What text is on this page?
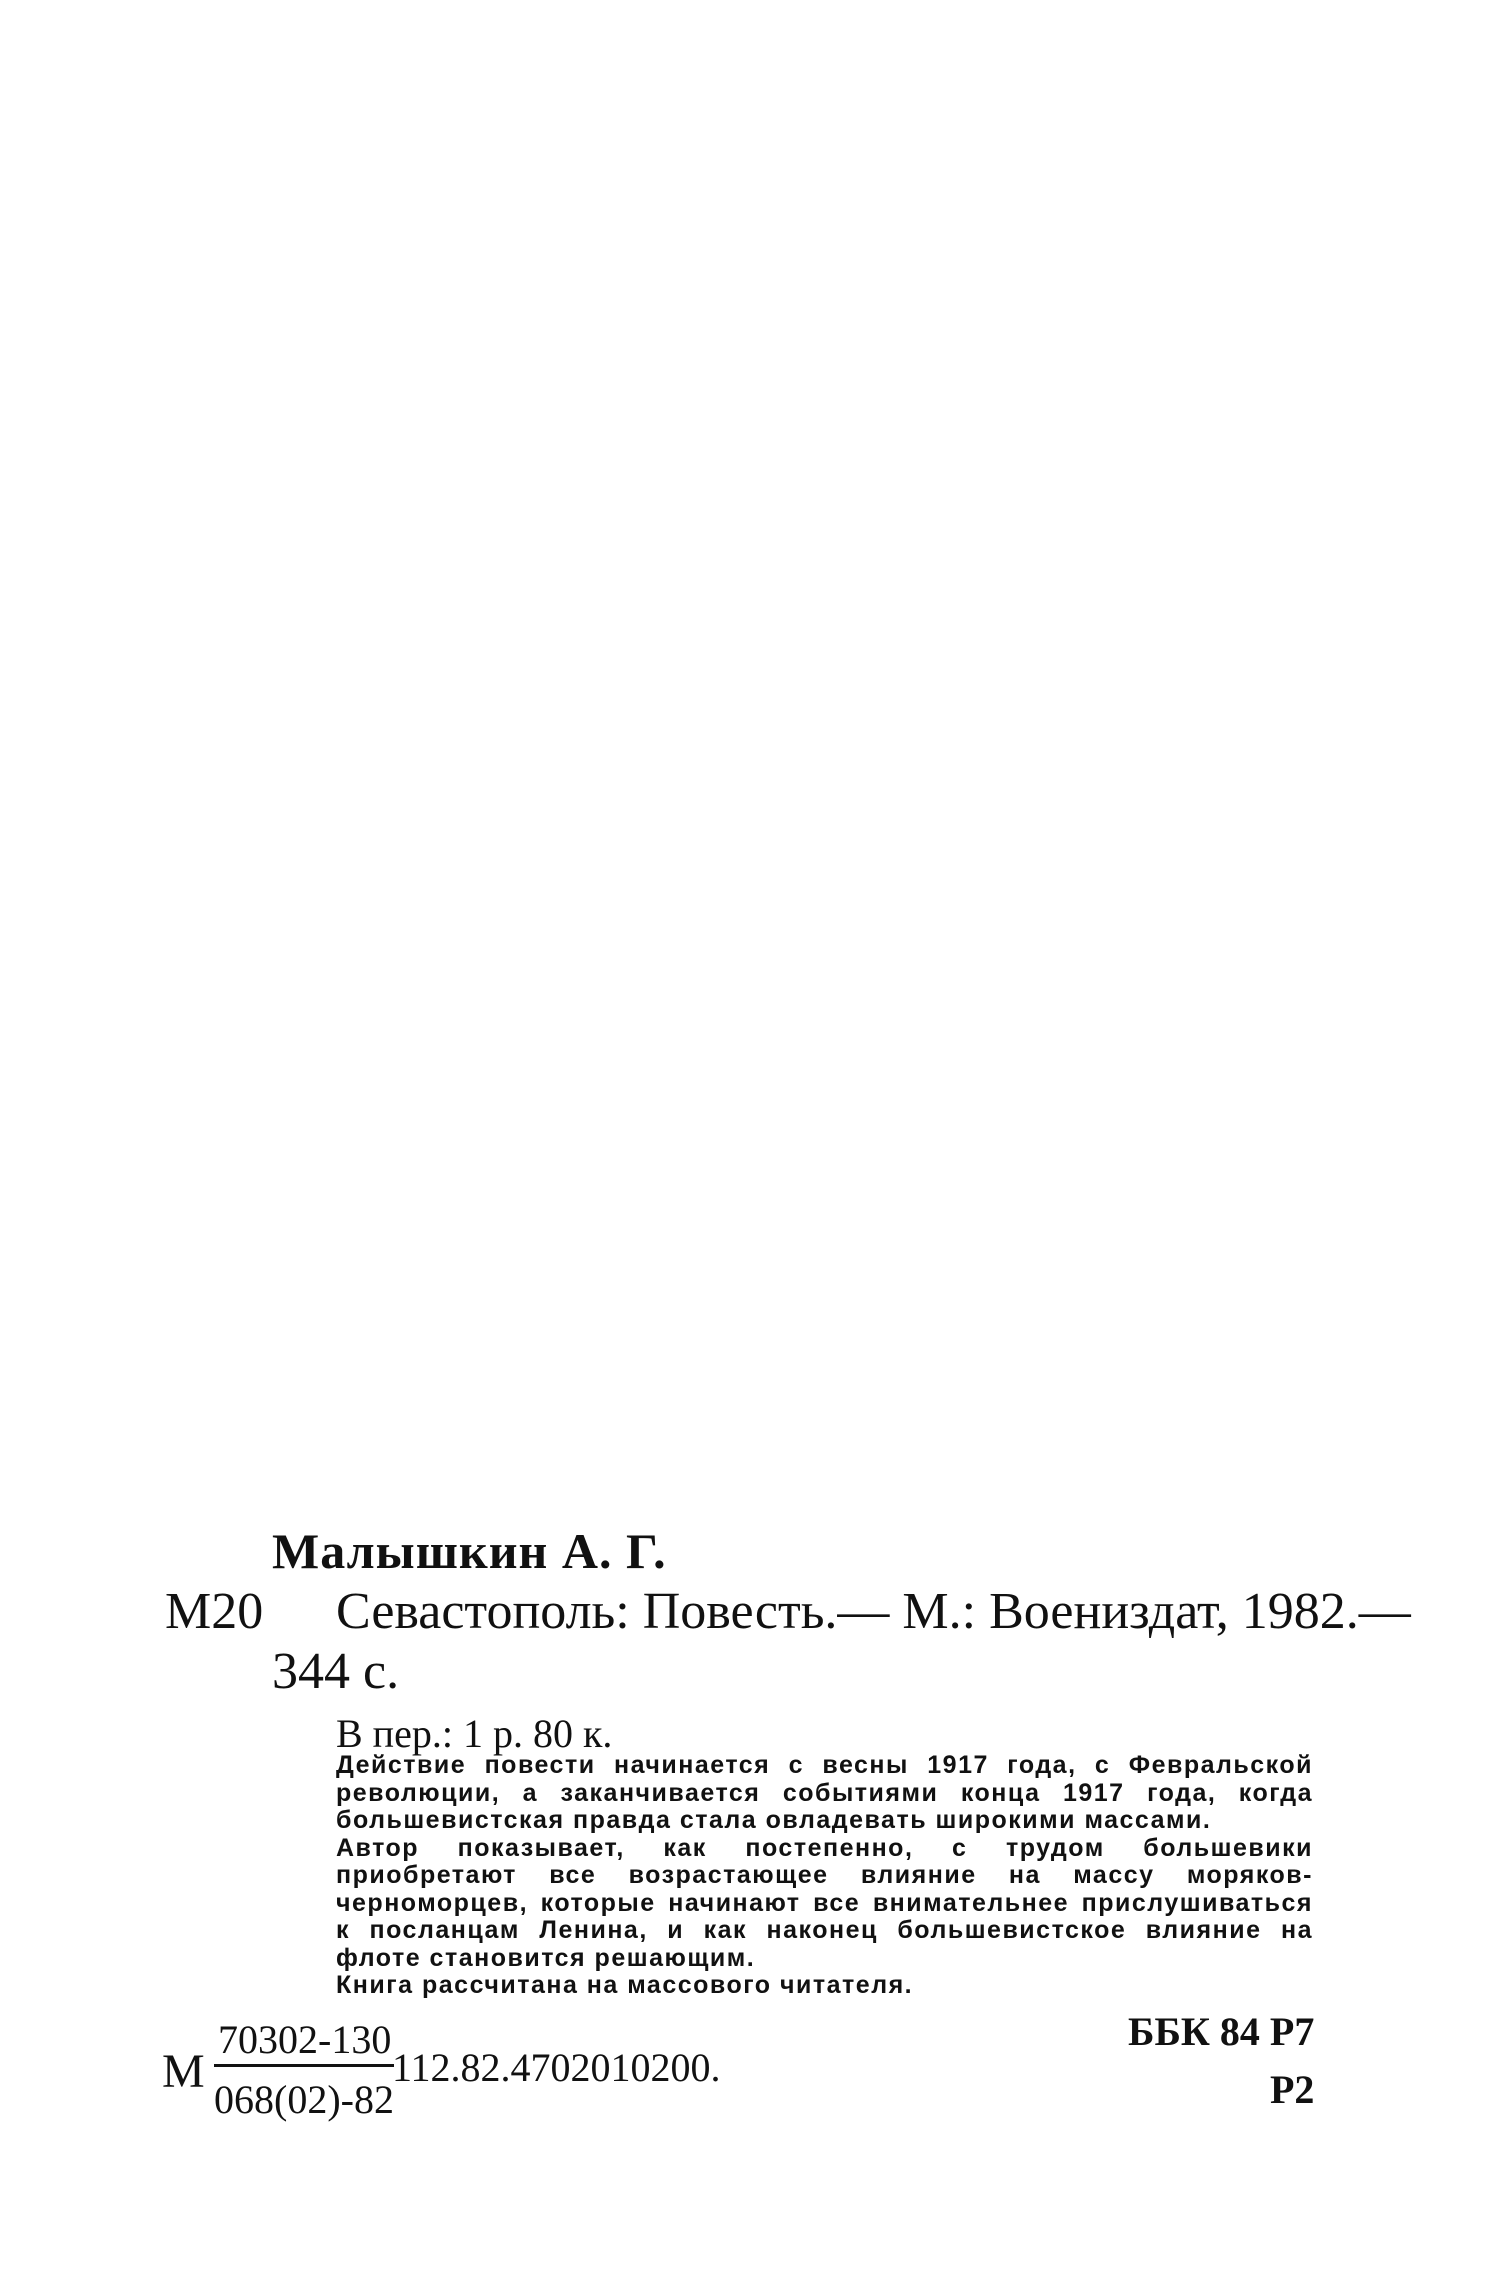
Малышкин А. Г.
М20 Севастополь: Повесть.— М.: Воениздат, 1982.—
344 с.
В пер.: 1 р. 80 к.

Действие повести начинается с весны 1917 года, с Февральской революции, а заканчивается событиями конца 1917 года, когда большевистская правда стала овладевать широкими массами.

Автор показывает, как постепенно, с трудом большевики приобретают все возрастающее влияние на массу моряков-черноморцев, которые начинают все внимательнее прислушиваться к посланцам Ленина, и как наконец большевистское влияние на флоте становится решающим.

Книга рассчитана на массового читателя.

М
70302-130
068(02)-82
112.82.4702010200.
ББК 84 Р7
Р2
